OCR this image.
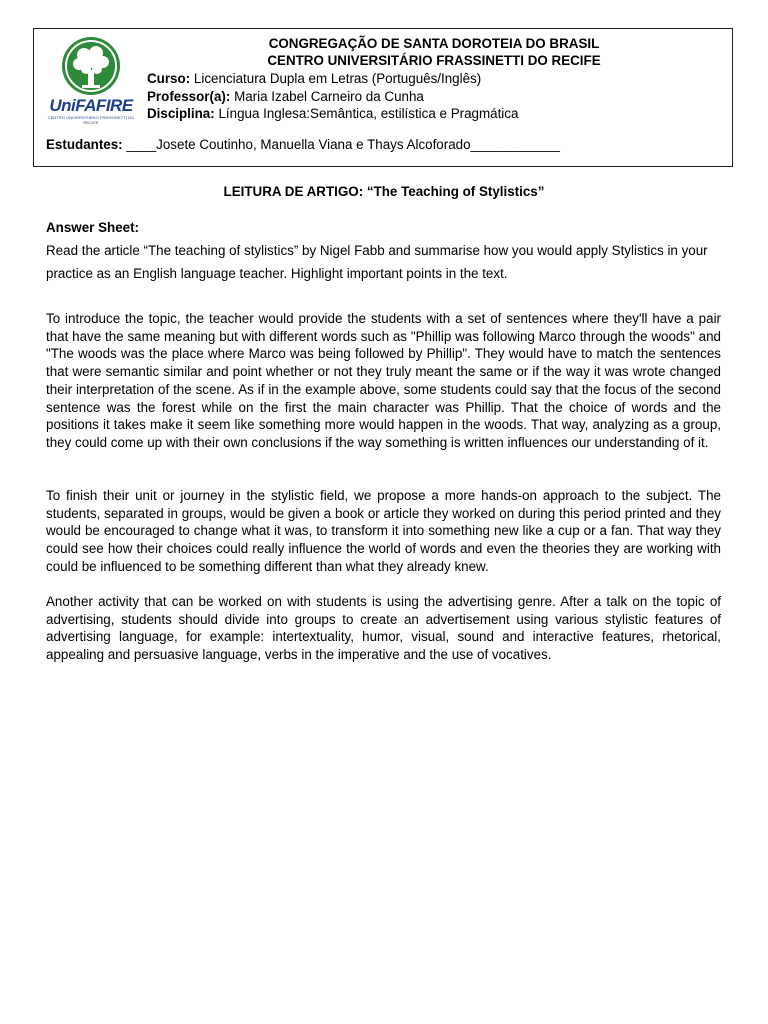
UniFAFIRE
CENTRO UNIVERSITÁRIO FRASSINETTI DO RECIFE
CONGREGAÇÃO DE SANTA DOROTEIA DO BRASIL
CENTRO UNIVERSITÁRIO FRASSINETTI DO RECIFE
Curso: Licenciatura Dupla em Letras (Português/Inglês)
Professor(a): Maria Izabel Carneiro da Cunha
Disciplina: Língua Inglesa:Semântica, estilística e Pragmática
Estudantes: ____Josete Coutinho, Manuella Viana e Thays Alcoforado____________
LEITURA DE ARTIGO: “The Teaching of Stylistics”
Answer Sheet:

Read the article “The teaching of stylistics” by Nigel Fabb and summarise how you would apply Stylistics in your practice as an English language teacher. Highlight important points in the text.

To introduce the topic, the teacher would provide the students with a set of sentences where they'll have a pair that have the same meaning but with different words such as "Phillip was following Marco through the woods" and "The woods was the place where Marco was being followed by Phillip". They would have to match the sentences that were semantic similar and point whether or not they truly meant the same or if the way it was wrote changed their interpretation of the scene. As if in the example above, some students could say that the focus of the second sentence was the forest while on the first the main character was Phillip. That the choice of words and the positions it takes make it seem like something more would happen in the woods. That way, analyzing as a group, they could come up with their own conclusions if the way something is written influences our understanding of it.

To finish their unit or journey in the stylistic field, we propose a more hands-on approach to the subject. The students, separated in groups, would be given a book or article they worked on during this period printed and they would be encouraged to change what it was, to transform it into something new like a cup or a fan. That way they could see how their choices could really influence the world of words and even the theories they are working with could be influenced to be something different than what they already knew.

Another activity that can be worked on with students is using the advertising genre. After a talk on the topic of advertising, students should divide into groups to create an advertisement using various stylistic features of advertising language, for example: intertextuality, humor, visual, sound and interactive features, rhetorical, appealing and persuasive language, verbs in the imperative and the use of vocatives.
